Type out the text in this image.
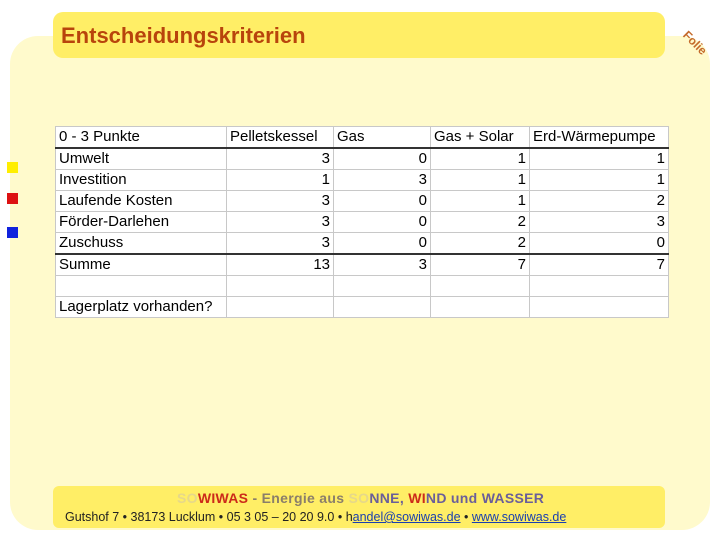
Entscheidungskriterien	Folie
0 - 3 Punkte	Pelletskessel	Gas	Gas + Solar	Erd-Wärmepumpe
Umwelt	3	0	1	1
Investition	1	3	1	1
Laufende Kosten	3	0	1	2
Förder-Darlehen	3	0	2	3
Zuschuss	3	0	2	0
Summe	13	3	7	7

Lagerplatz vorhanden?				
SOWIWAS - Energie aus SONNE, WIND und WASSER
Gutshof 7 • 38173 Lucklum • 05 3 05 – 20 20 9.0 • handel@sowiwas.de • www.sowiwas.de
